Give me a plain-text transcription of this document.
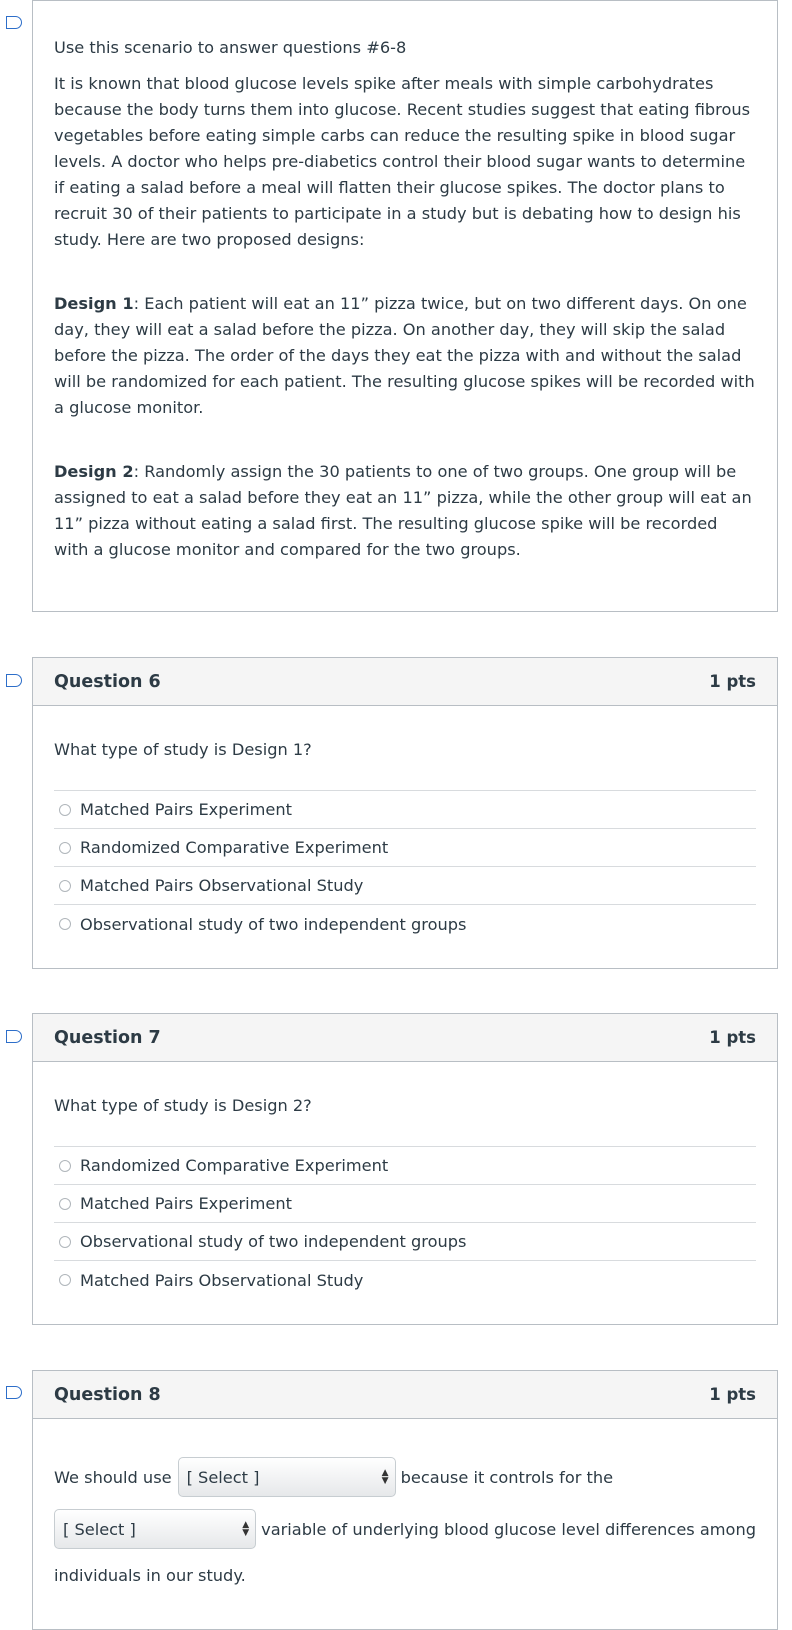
Use this scenario to answer questions #6-8

It is known that blood glucose levels spike after meals with simple carbohydrates because the body turns them into glucose. Recent studies suggest that eating fibrous vegetables before eating simple carbs can reduce the resulting spike in blood sugar levels. A doctor who helps pre-diabetics control their blood sugar wants to determine if eating a salad before a meal will flatten their glucose spikes. The doctor plans to recruit 30 of their patients to participate in a study but is debating how to design his study. Here are two proposed designs:

Design 1: Each patient will eat an 11” pizza twice, but on two different days. On one day, they will eat a salad before the pizza. On another day, they will skip the salad before the pizza. The order of the days they eat the pizza with and without the salad will be randomized for each patient. The resulting glucose spikes will be recorded with a glucose monitor.

Design 2: Randomly assign the 30 patients to one of two groups. One group will be assigned to eat a salad before they eat an 11” pizza, while the other group will eat an 11” pizza without eating a salad first. The resulting glucose spike will be recorded with a glucose monitor and compared for the two groups.

Question 6	1 pts

What type of study is Design 1?

Matched Pairs Experiment
Randomized Comparative Experiment
Matched Pairs Observational Study
Observational study of two independent groups
Question 7	1 pts

What type of study is Design 2?

Randomized Comparative Experiment
Matched Pairs Experiment
Observational study of two independent groups
Matched Pairs Observational Study
Question 8	1 pts
We should use [ Select ]	▲
▼ because it controls for the
[ Select ]	▲
▼ variable of underlying blood glucose level differences among
individuals in our study.
